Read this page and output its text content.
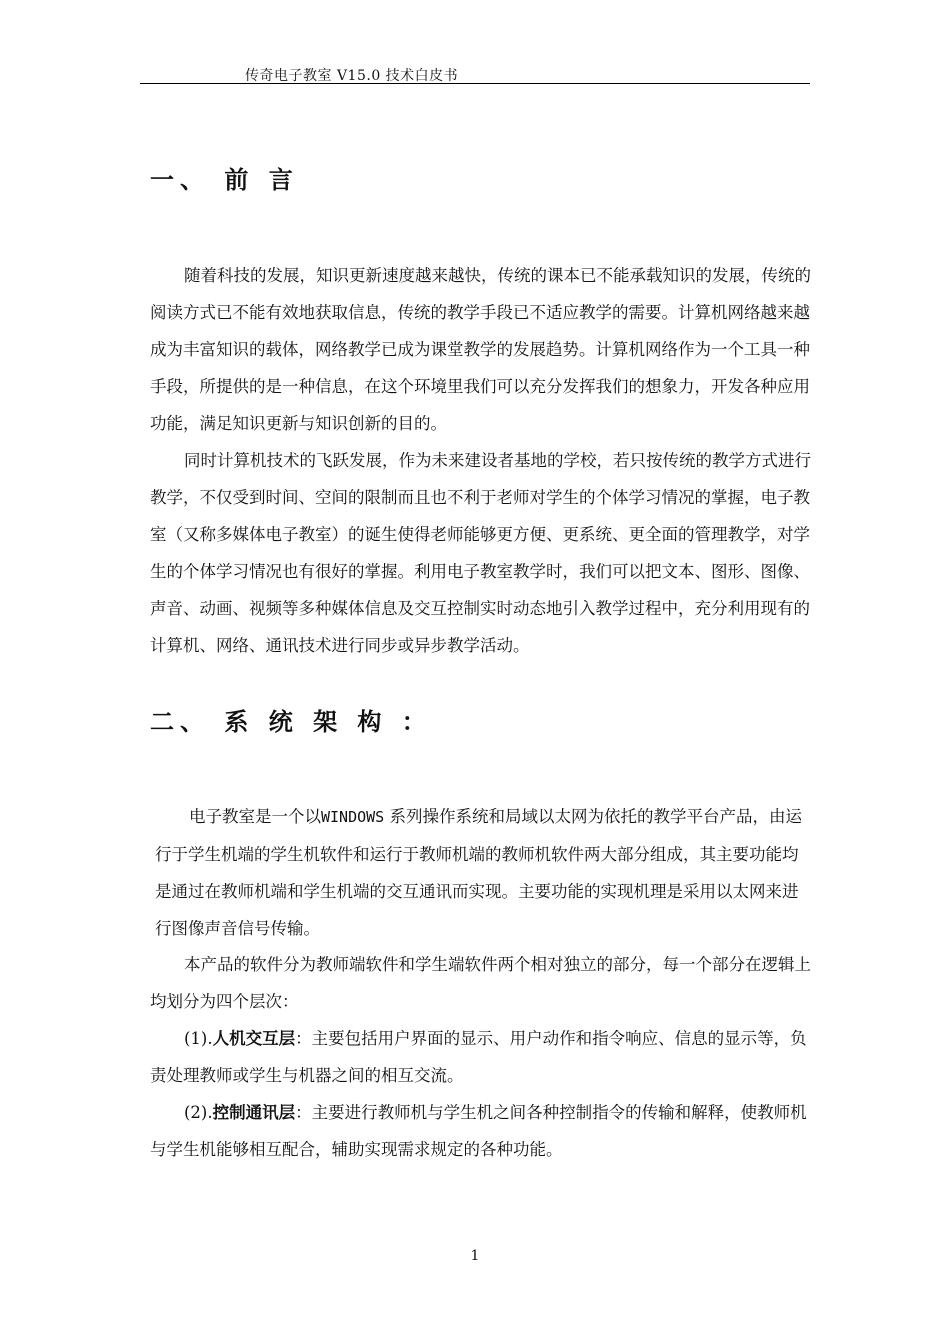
传奇电子教室 V15.0 技术白皮书
一、 前 言

随着科技的发展，知识更新速度越来越快，传统的课本已不能承载知识的发展，传统的阅读方式已不能有效地获取信息，传统的教学手段已不适应教学的需要。计算机网络越来越成为丰富知识的载体，网络教学已成为课堂教学的发展趋势。计算机网络作为一个工具一种手段，所提供的是一种信息，在这个环境里我们可以充分发挥我们的想象力，开发各种应用功能，满足知识更新与知识创新的目的。

同时计算机技术的飞跃发展，作为未来建设者基地的学校，若只按传统的教学方式进行教学，不仅受到时间、空间的限制而且也不利于老师对学生的个体学习情况的掌握，电子教室（又称多媒体电子教室）的诞生使得老师能够更方便、更系统、更全面的管理教学，对学生的个体学习情况也有很好的掌握。利用电子教室教学时，我们可以把文本、图形、图像、声音、动画、视频等多种媒体信息及交互控制实时动态地引入教学过程中，充分利用现有的计算机、网络、通讯技术进行同步或异步教学活动。

二、 系 统 架 构 ：

电子教室是一个以WINDOWS 系列操作系统和局域以太网为依托的教学平台产品，由运行于学生机端的学生机软件和运行于教师机端的教师机软件两大部分组成，其主要功能均是通过在教师机端和学生机端的交互通讯而实现。主要功能的实现机理是采用以太网来进行图像声音信号传输。

本产品的软件分为教师端软件和学生端软件两个相对独立的部分，每一个部分在逻辑上均划分为四个层次：

(1).人机交互层：主要包括用户界面的显示、用户动作和指令响应、信息的显示等，负责处理教师或学生与机器之间的相互交流。

(2).控制通讯层：主要进行教师机与学生机之间各种控制指令的传输和解释，使教师机与学生机能够相互配合，辅助实现需求规定的各种功能。

1
